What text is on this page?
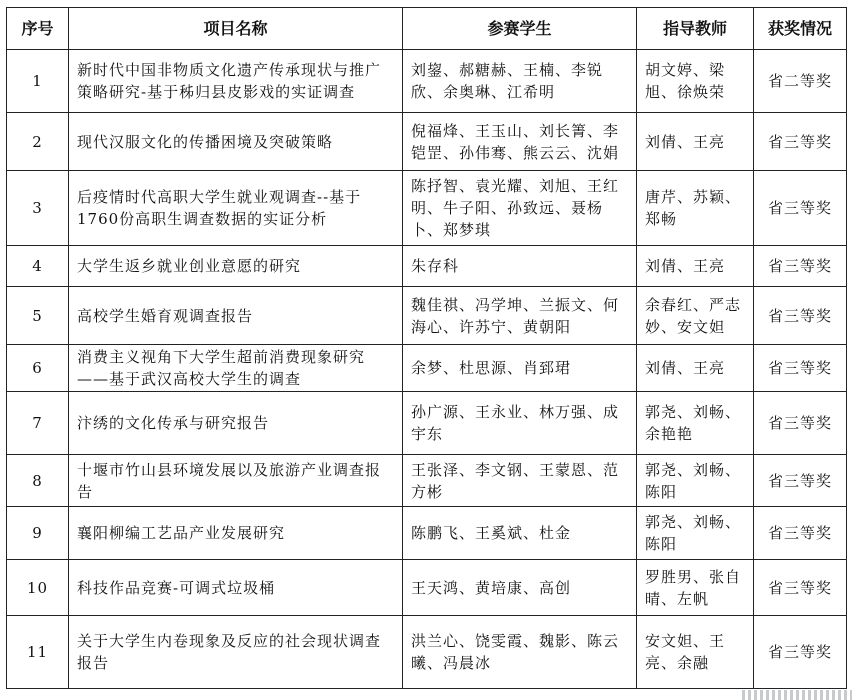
序号	项目名称	参赛学生	指导教师	获奖情况
1	新时代中国非物质文化遗产传承现状与推广策略研究-基于秭归县皮影戏的实证调查	刘鋆、郝糖赫、王楠、李锐欣、余奥琳、江希明	胡文婷、梁旭、徐焕荣	省二等奖
2	现代汉服文化的传播困境及突破策略	倪福烽、王玉山、刘长箐、李铠罡、孙伟骞、熊云云、沈娟	刘倩、王亮	省三等奖
3	后疫情时代高职大学生就业观调查--基于1760份高职生调查数据的实证分析	陈抒智、袁光耀、刘旭、王红明、牛子阳、孙致远、聂杨卜、郑梦琪	唐芹、苏颖、郑畅	省三等奖
4	大学生返乡就业创业意愿的研究	朱存科	刘倩、王亮	省三等奖
5	高校学生婚育观调查报告	魏佳祺、冯学坤、兰振文、何海心、许苏宁、黄朝阳	余春红、严志妙、安文妲	省三等奖
6	消费主义视角下大学生超前消费现象研究——基于武汉高校大学生的调查	余梦、杜思源、肖郅珺	刘倩、王亮	省三等奖
7	汴绣的文化传承与研究报告	孙广源、王永业、林万强、成宇东	郭尧、刘畅、余艳艳	省三等奖
8	十堰市竹山县环境发展以及旅游产业调查报告	王张泽、李文钢、王蒙恩、范方彬	郭尧、刘畅、陈阳	省三等奖
9	襄阳柳编工艺品产业发展研究	陈鹏飞、王奚斌、杜金	郭尧、刘畅、陈阳	省三等奖
10	科技作品竞赛-可调式垃圾桶	王天鸿、黄培康、高创	罗胜男、张自晴、左帆	省三等奖
11	关于大学生内卷现象及反应的社会现状调查报告	洪兰心、饶雯霞、魏影、陈云曦、冯晨冰	安文妲、王亮、余融	省三等奖
